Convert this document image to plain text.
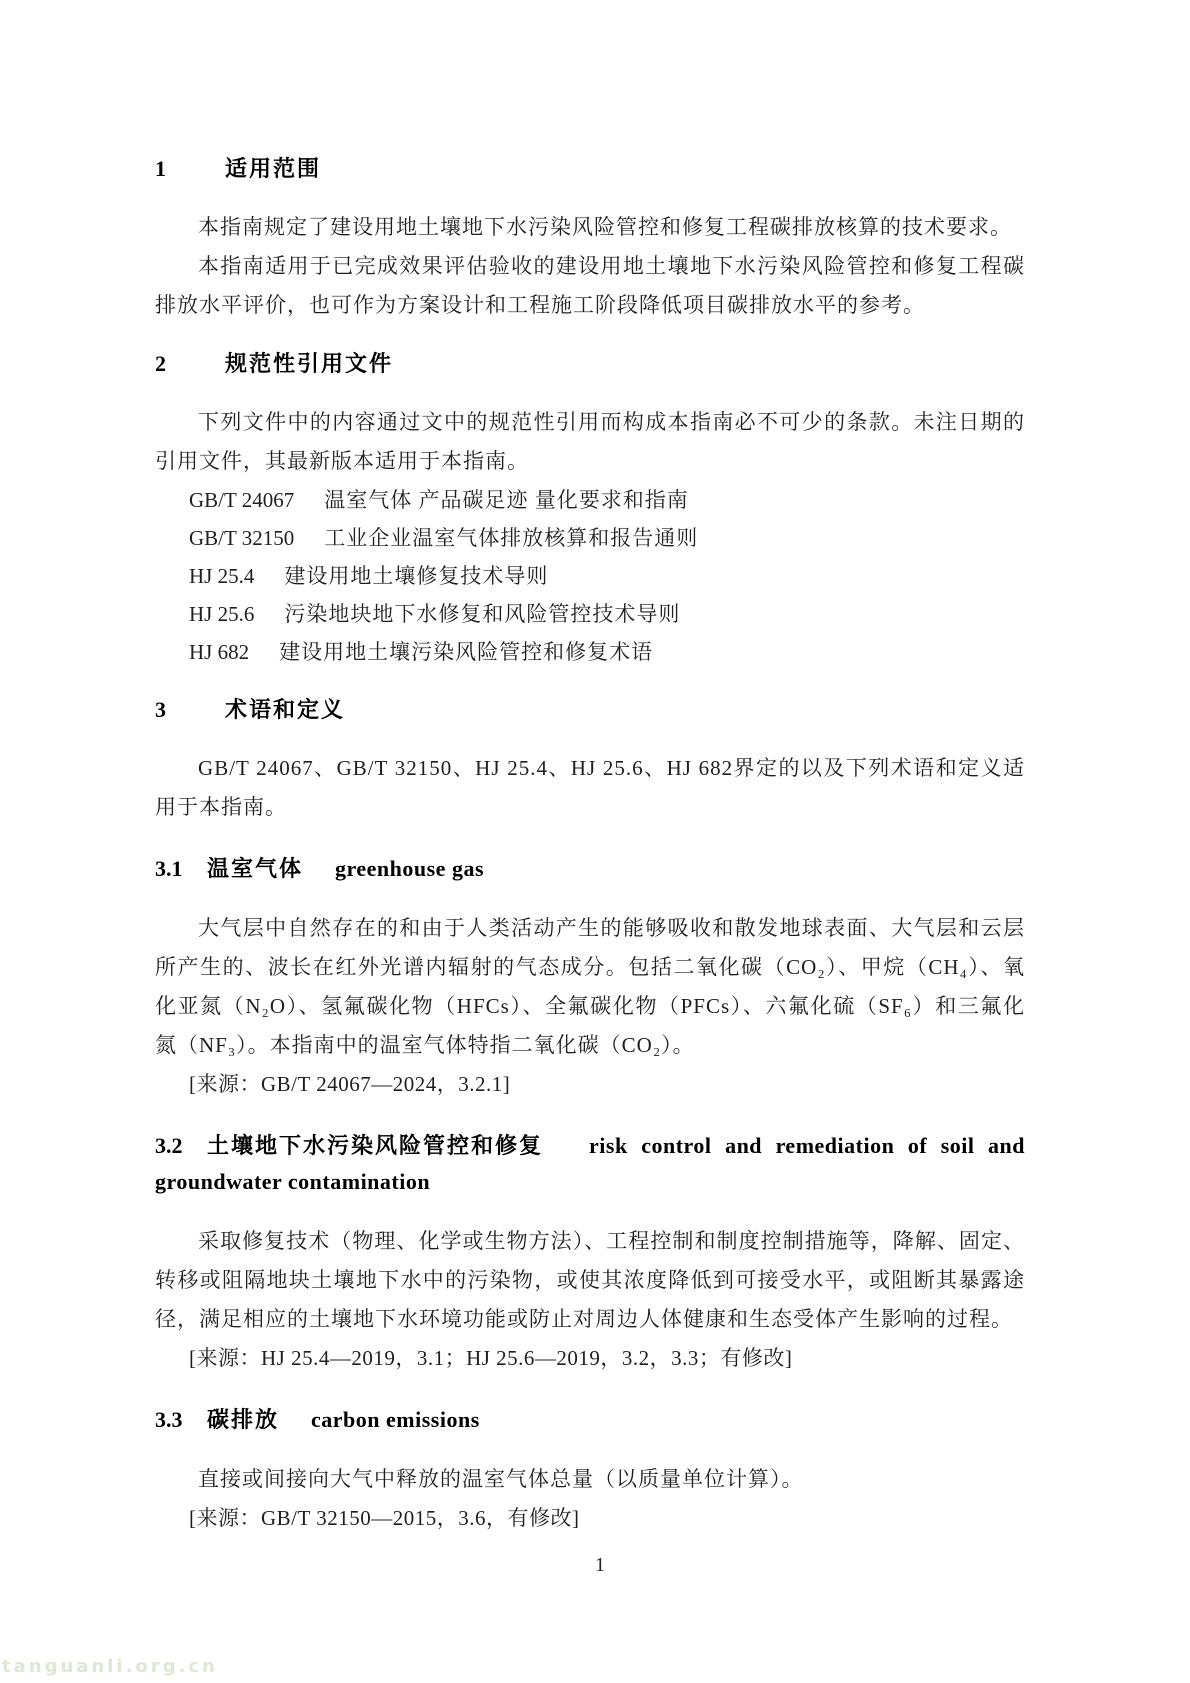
1	适用范围

本指南规定了建设用地土壤地下水污染风险管控和修复工程碳排放核算的技术要求。

本指南适用于已完成效果评估验收的建设用地土壤地下水污染风险管控和修复工程碳排放水平评价，也可作为方案设计和工程施工阶段降低项目碳排放水平的参考。

2	规范性引用文件

下列文件中的内容通过文中的规范性引用而构成本指南必不可少的条款。未注日期的引用文件，其最新版本适用于本指南。

GB/T 24067 温室气体 产品碳足迹 量化要求和指南
GB/T 32150 工业企业温室气体排放核算和报告通则
HJ 25.4 建设用地土壤修复技术导则
HJ 25.6 污染地块地下水修复和风险管控技术导则
HJ 682 建设用地土壤污染风险管控和修复术语
3	术语和定义

GB/T 24067、GB/T 32150、HJ 25.4、HJ 25.6、HJ 682界定的以及下列术语和定义适用于本指南。

3.1	温室气体 greenhouse gas

大气层中自然存在的和由于人类活动产生的能够吸收和散发地球表面、大气层和云层所产生的、波长在红外光谱内辐射的气态成分。包括二氧化碳（CO₂）、甲烷（CH₄）、氧化亚氮（N₂O）、氢氟碳化物（HFCs）、全氟碳化物（PFCs）、六氟化硫（SF₆）和三氟化氮（NF₃）。本指南中的温室气体特指二氧化碳（CO₂）。

[来源：GB/T 24067—2024，3.2.1]

3.2	土壤地下水污染风险管控和修复 risk control and remediation of soil and
groundwater contamination

采取修复技术（物理、化学或生物方法）、工程控制和制度控制措施等，降解、固定、转移或阻隔地块土壤地下水中的污染物，或使其浓度降低到可接受水平，或阻断其暴露途径，满足相应的土壤地下水环境功能或防止对周边人体健康和生态受体产生影响的过程。

[来源：HJ 25.4—2019，3.1；HJ 25.6—2019，3.2，3.3；有修改]

3.3	碳排放 carbon emissions

直接或间接向大气中释放的温室气体总量（以质量单位计算）。

[来源：GB/T 32150—2015，3.6，有修改]

1
tanguanli.org.cn
